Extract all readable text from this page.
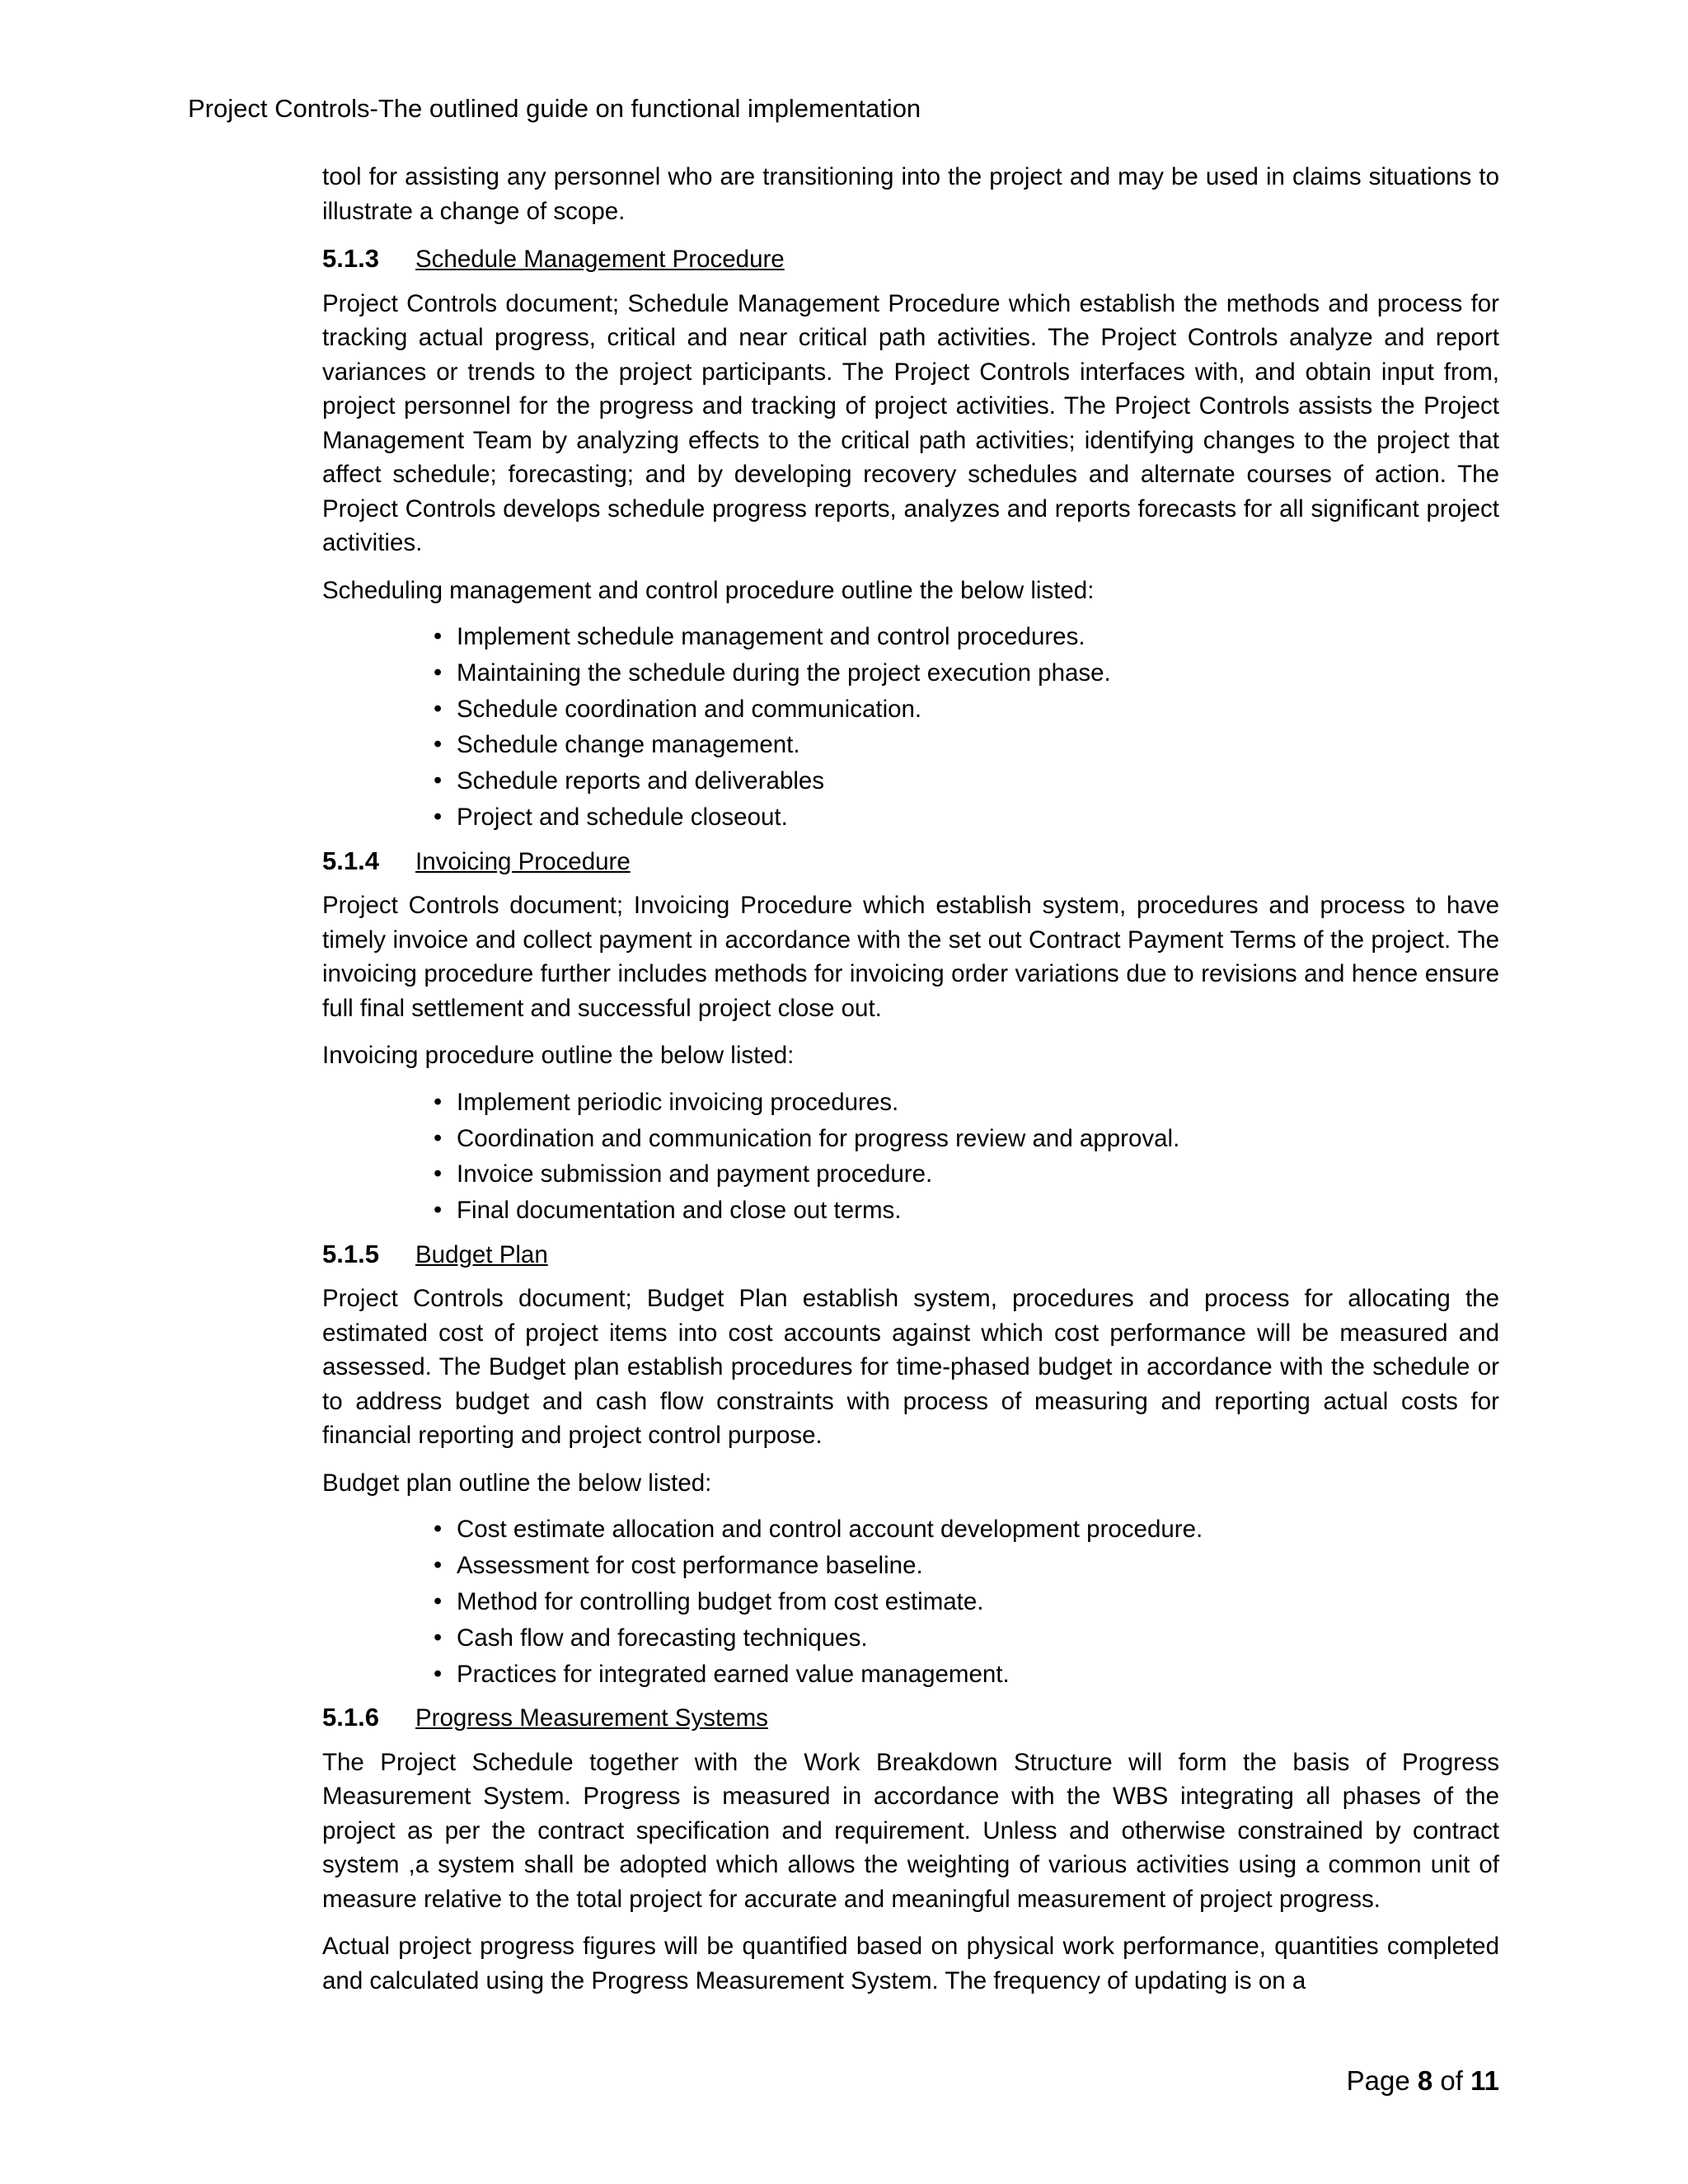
Project Controls-The outlined guide on functional implementation

tool for assisting any personnel who are transitioning into the project and may be used in claims situations to illustrate a change of scope.

5.1.3	Schedule Management Procedure

Project Controls document; Schedule Management Procedure which establish the methods and process for tracking actual progress, critical and near critical path activities. The Project Controls analyze and report variances or trends to the project participants. The Project Controls interfaces with, and obtain input from, project personnel for the progress and tracking of project activities. The Project Controls assists the Project Management Team by analyzing effects to the critical path activities; identifying changes to the project that affect schedule; forecasting; and by developing recovery schedules and alternate courses of action. The Project Controls develops schedule progress reports, analyzes and reports forecasts for all significant project activities.

Scheduling management and control procedure outline the below listed:

• Implement schedule management and control procedures.
• Maintaining the schedule during the project execution phase.
• Schedule coordination and communication.
• Schedule change management.
• Schedule reports and deliverables
• Project and schedule closeout.
5.1.4	Invoicing Procedure

Project Controls document; Invoicing Procedure which establish system, procedures and process to have timely invoice and collect payment in accordance with the set out Contract Payment Terms of the project. The invoicing procedure further includes methods for invoicing order variations due to revisions and hence ensure full final settlement and successful project close out.

Invoicing procedure outline the below listed:

• Implement periodic invoicing procedures.
• Coordination and communication for progress review and approval.
• Invoice submission and payment procedure.
• Final documentation and close out terms.
5.1.5	Budget Plan

Project Controls document; Budget Plan establish system, procedures and process for allocating the estimated cost of project items into cost accounts against which cost performance will be measured and assessed. The Budget plan establish procedures for time-phased budget in accordance with the schedule or to address budget and cash flow constraints with process of measuring and reporting actual costs for financial reporting and project control purpose.

Budget plan outline the below listed:

• Cost estimate allocation and control account development procedure.
• Assessment for cost performance baseline.
• Method for controlling budget from cost estimate.
• Cash flow and forecasting techniques.
• Practices for integrated earned value management.
5.1.6	Progress Measurement Systems

The Project Schedule together with the Work Breakdown Structure will form the basis of Progress Measurement System. Progress is measured in accordance with the WBS integrating all phases of the project as per the contract specification and requirement. Unless and otherwise constrained by contract system ,a system shall be adopted which allows the weighting of various activities using a common unit of measure relative to the total project for accurate and meaningful measurement of project progress.

Actual project progress figures will be quantified based on physical work performance, quantities completed and calculated using the Progress Measurement System. The frequency of updating is on a

Page 8 of 11
